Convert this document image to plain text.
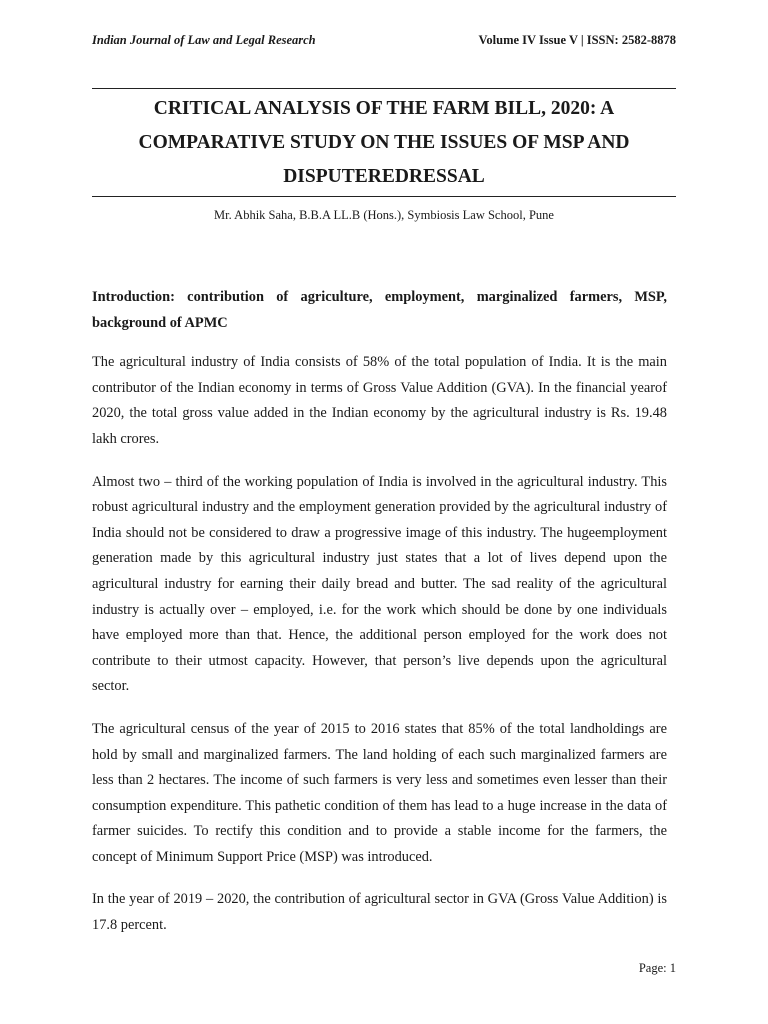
Indian Journal of Law and Legal Research	Volume IV Issue V | ISSN: 2582-8878
CRITICAL ANALYSIS OF THE FARM BILL, 2020: A
COMPARATIVE STUDY ON THE ISSUES OF MSP AND
DISPUTEREDRESSAL
Mr. Abhik Saha, B.B.A LL.B (Hons.), Symbiosis Law School, Pune

Introduction: contribution of agriculture, employment, marginalized farmers, MSP, background of APMC

The agricultural industry of India consists of 58% of the total population of India. It is the main contributor of the Indian economy in terms of Gross Value Addition (GVA). In the financial yearof 2020, the total gross value added in the Indian economy by the agricultural industry is Rs. 19.48 lakh crores.

Almost two – third of the working population of India is involved in the agricultural industry. This robust agricultural industry and the employment generation provided by the agricultural industry of India should not be considered to draw a progressive image of this industry. The hugeemployment generation made by this agricultural industry just states that a lot of lives depend upon the agricultural industry for earning their daily bread and butter. The sad reality of the agricultural industry is actually over – employed, i.e. for the work which should be done by one individuals have employed more than that. Hence, the additional person employed for the work does not contribute to their utmost capacity. However, that person’s live depends upon the agricultural sector.

The agricultural census of the year of 2015 to 2016 states that 85% of the total landholdings are hold by small and marginalized farmers. The land holding of each such marginalized farmers are less than 2 hectares. The income of such farmers is very less and sometimes even lesser than their consumption expenditure. This pathetic condition of them has lead to a huge increase in the data of farmer suicides. To rectify this condition and to provide a stable income for the farmers, the concept of Minimum Support Price (MSP) was introduced.

In the year of 2019 – 2020, the contribution of agricultural sector in GVA (Gross Value Addition) is 17.8 percent.

Page: 1
